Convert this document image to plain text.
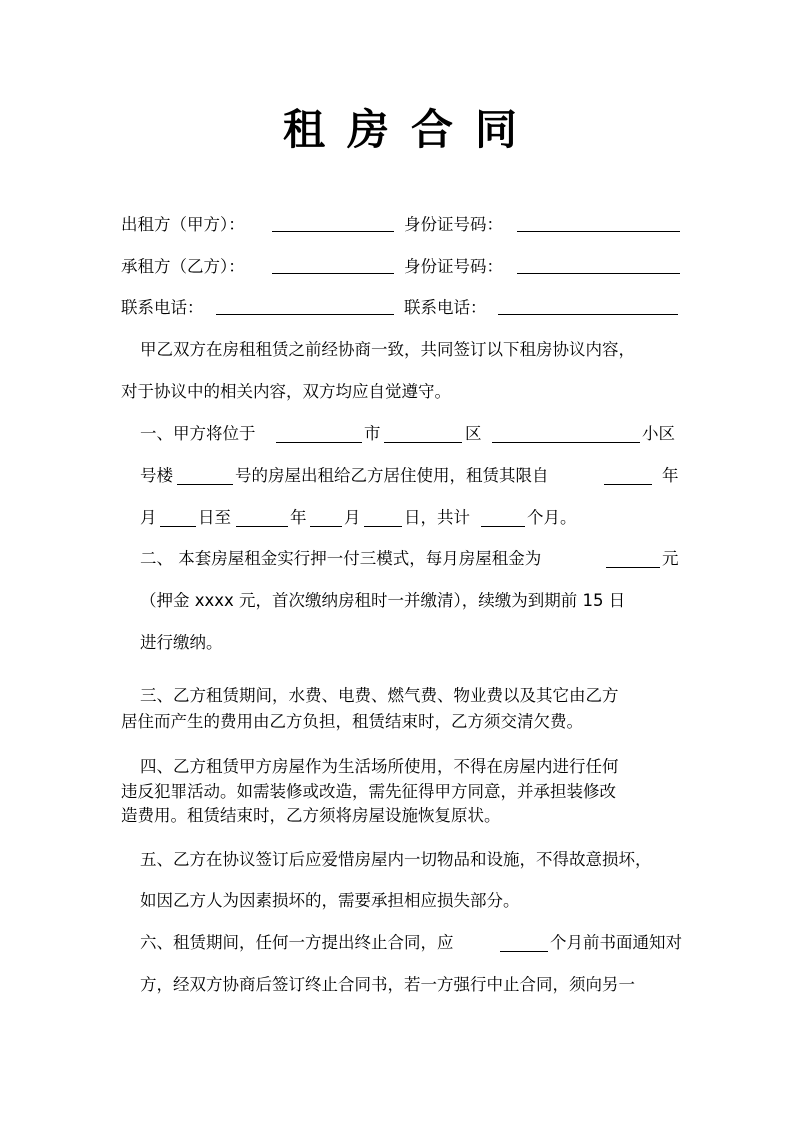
租房合同
出租方（甲方）：	身份证号码：
承租方（乙方）：	身份证号码：
联系电话：	联系电话：
甲乙双方在房租租赁之前经协商一致，共同签订以下租房协议内容，
对于协议中的相关内容，双方均应自觉遵守。
一、甲方将位于	市	区	小区
号楼	号的房屋出租给乙方居住使用，租赁其限自	年
月	日至	年 月	日，共计	个月。
二、 本套房屋租金实行押一付三模式，每月房屋租金为	元
（押金 xxxx 元，首次缴纳房租时一并缴清），续缴为到期前 15 日
进行缴纳。
三、乙方租赁期间，水费、电费、燃气费、物业费以及其它由乙方
居住而产生的费用由乙方负担，租赁结束时，乙方须交清欠费。
四、乙方租赁甲方房屋作为生活场所使用，不得在房屋内进行任何
违反犯罪活动。如需装修或改造，需先征得甲方同意，并承担装修改
造费用。租赁结束时，乙方须将房屋设施恢复原状。
五、乙方在协议签订后应爱惜房屋内一切物品和设施，不得故意损坏，
如因乙方人为因素损坏的，需要承担相应损失部分。
六、租赁期间，任何一方提出终止合同，应	个月前书面通知对
方，经双方协商后签订终止合同书，若一方强行中止合同，须向另一
